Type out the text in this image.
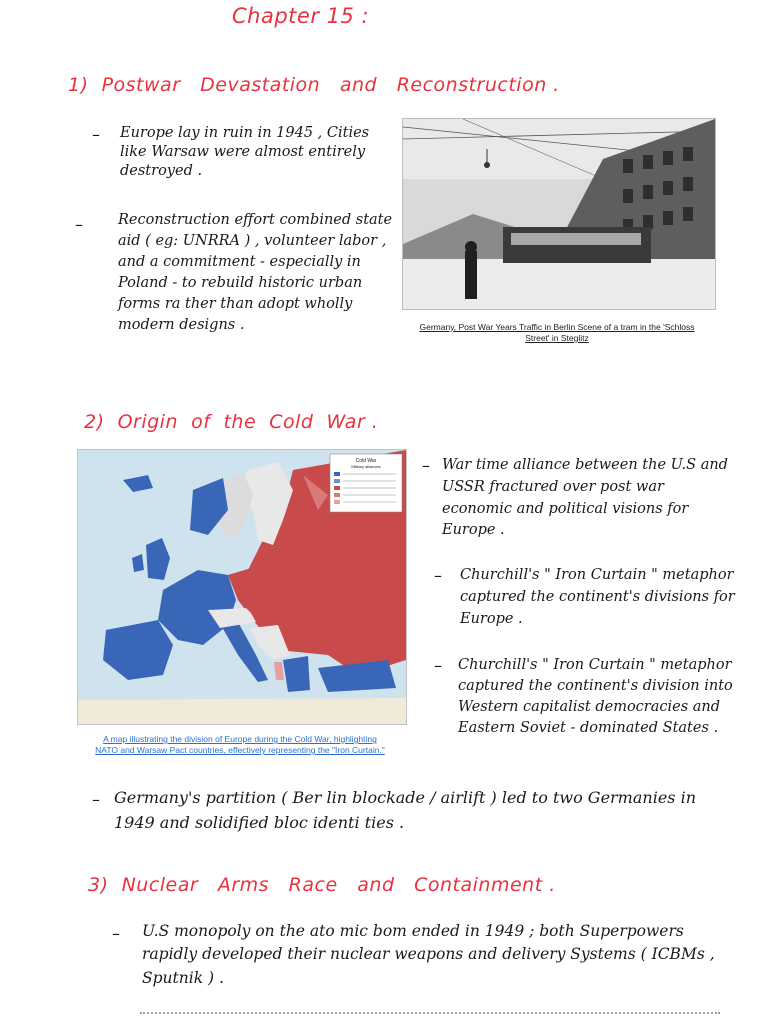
Chapter 15 :
1)  Postwar   Devastation   and   Reconstruction .
– Europe lay in ruin in 1945 , Cities like Warsaw were almost entirely destroyed .
– Reconstruction effort combined state aid ( eg: UNRRA ) , volunteer labor , and a commitment - especially in Poland - to rebuild historic urban forms ra ther than adopt wholly modern designs .	Germany, Post War Years Traffic in Berlin Scene of a tram in the 'Schloss Street' in Steglitz
2)  Origin  of  the  Cold  War .
Cold War
Military alliances
A map illustrating the division of Europe during the Cold War, highlighting NATO and Warsaw Pact countries, effectively representing the "Iron Curtain."
– War time alliance between the U.S and USSR fractured over post war economic and political visions for Europe .
– Churchill's " Iron Curtain " metaphor captured the continent's divisions for Europe .
– Churchill's " Iron Curtain " metaphor captured the continent's division into Western capitalist democracies and Eastern Soviet - dominated States .
– Germany's partition ( Ber lin blockade / airlift ) led to two Germanies in 1949 and solidified bloc identi ties .
3)  Nuclear   Arms   Race   and   Containment .
– U.S monopoly on the ato mic bom ended in 1949 ; both Superpowers rapidly developed their nuclear weapons and delivery Systems ( ICBMs , Sputnik ) .
